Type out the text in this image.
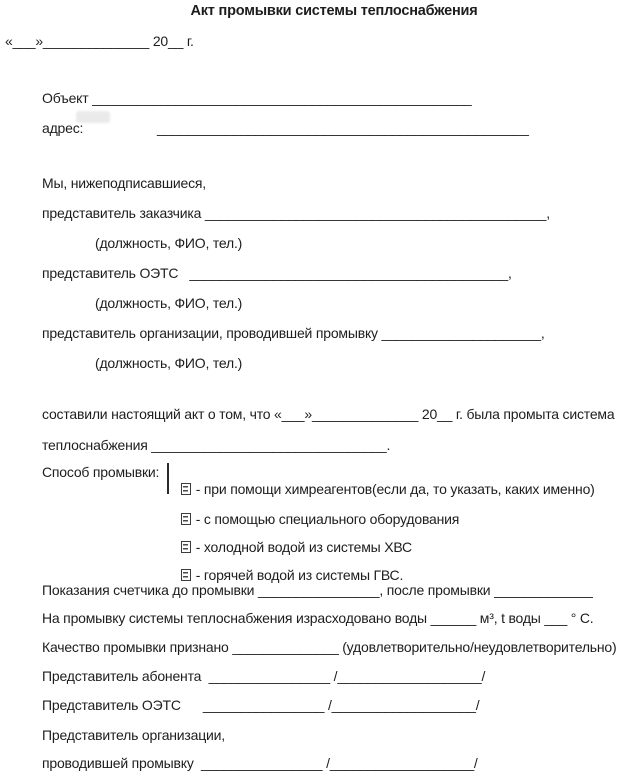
Акт промывки системы теплоснабжения
«___»______________ 20__ г.
Объект __________________________________________________
адрес:                    _________________________________________________
Мы, нижеподписавшиеся,
представитель заказчика _____________________________________________,
(должность, ФИО, тел.)
представитель ОЭТС   __________________________________________,
(должность, ФИО, тел.)
представитель организации, проводившей промывку _____________________,
(должность, ФИО, тел.)
составили настоящий акт о том, что «___»______________ 20__ г. была промыта система
теплоснабжения _______________________________.
Способ промывки:

- при помощи химреагентов(если да, то указать, каких именно)

- с помощью специального оборудования

- холодной водой из системы ХВС

- горячей водой из системы ГВС.

Показания счетчика до промывки ________________, после промывки _____________
На промывку системы теплоснабжения израсходовано воды ______ м³, t воды ___ ° С.
Качество промывки признано ______________ (удовлетворительно/неудовлетворительно)
Представитель абонента  ________________ /___________________/
Представитель ОЭТС      ________________ /___________________/
Представитель организации,
проводившей промывку  ________________ /___________________/
